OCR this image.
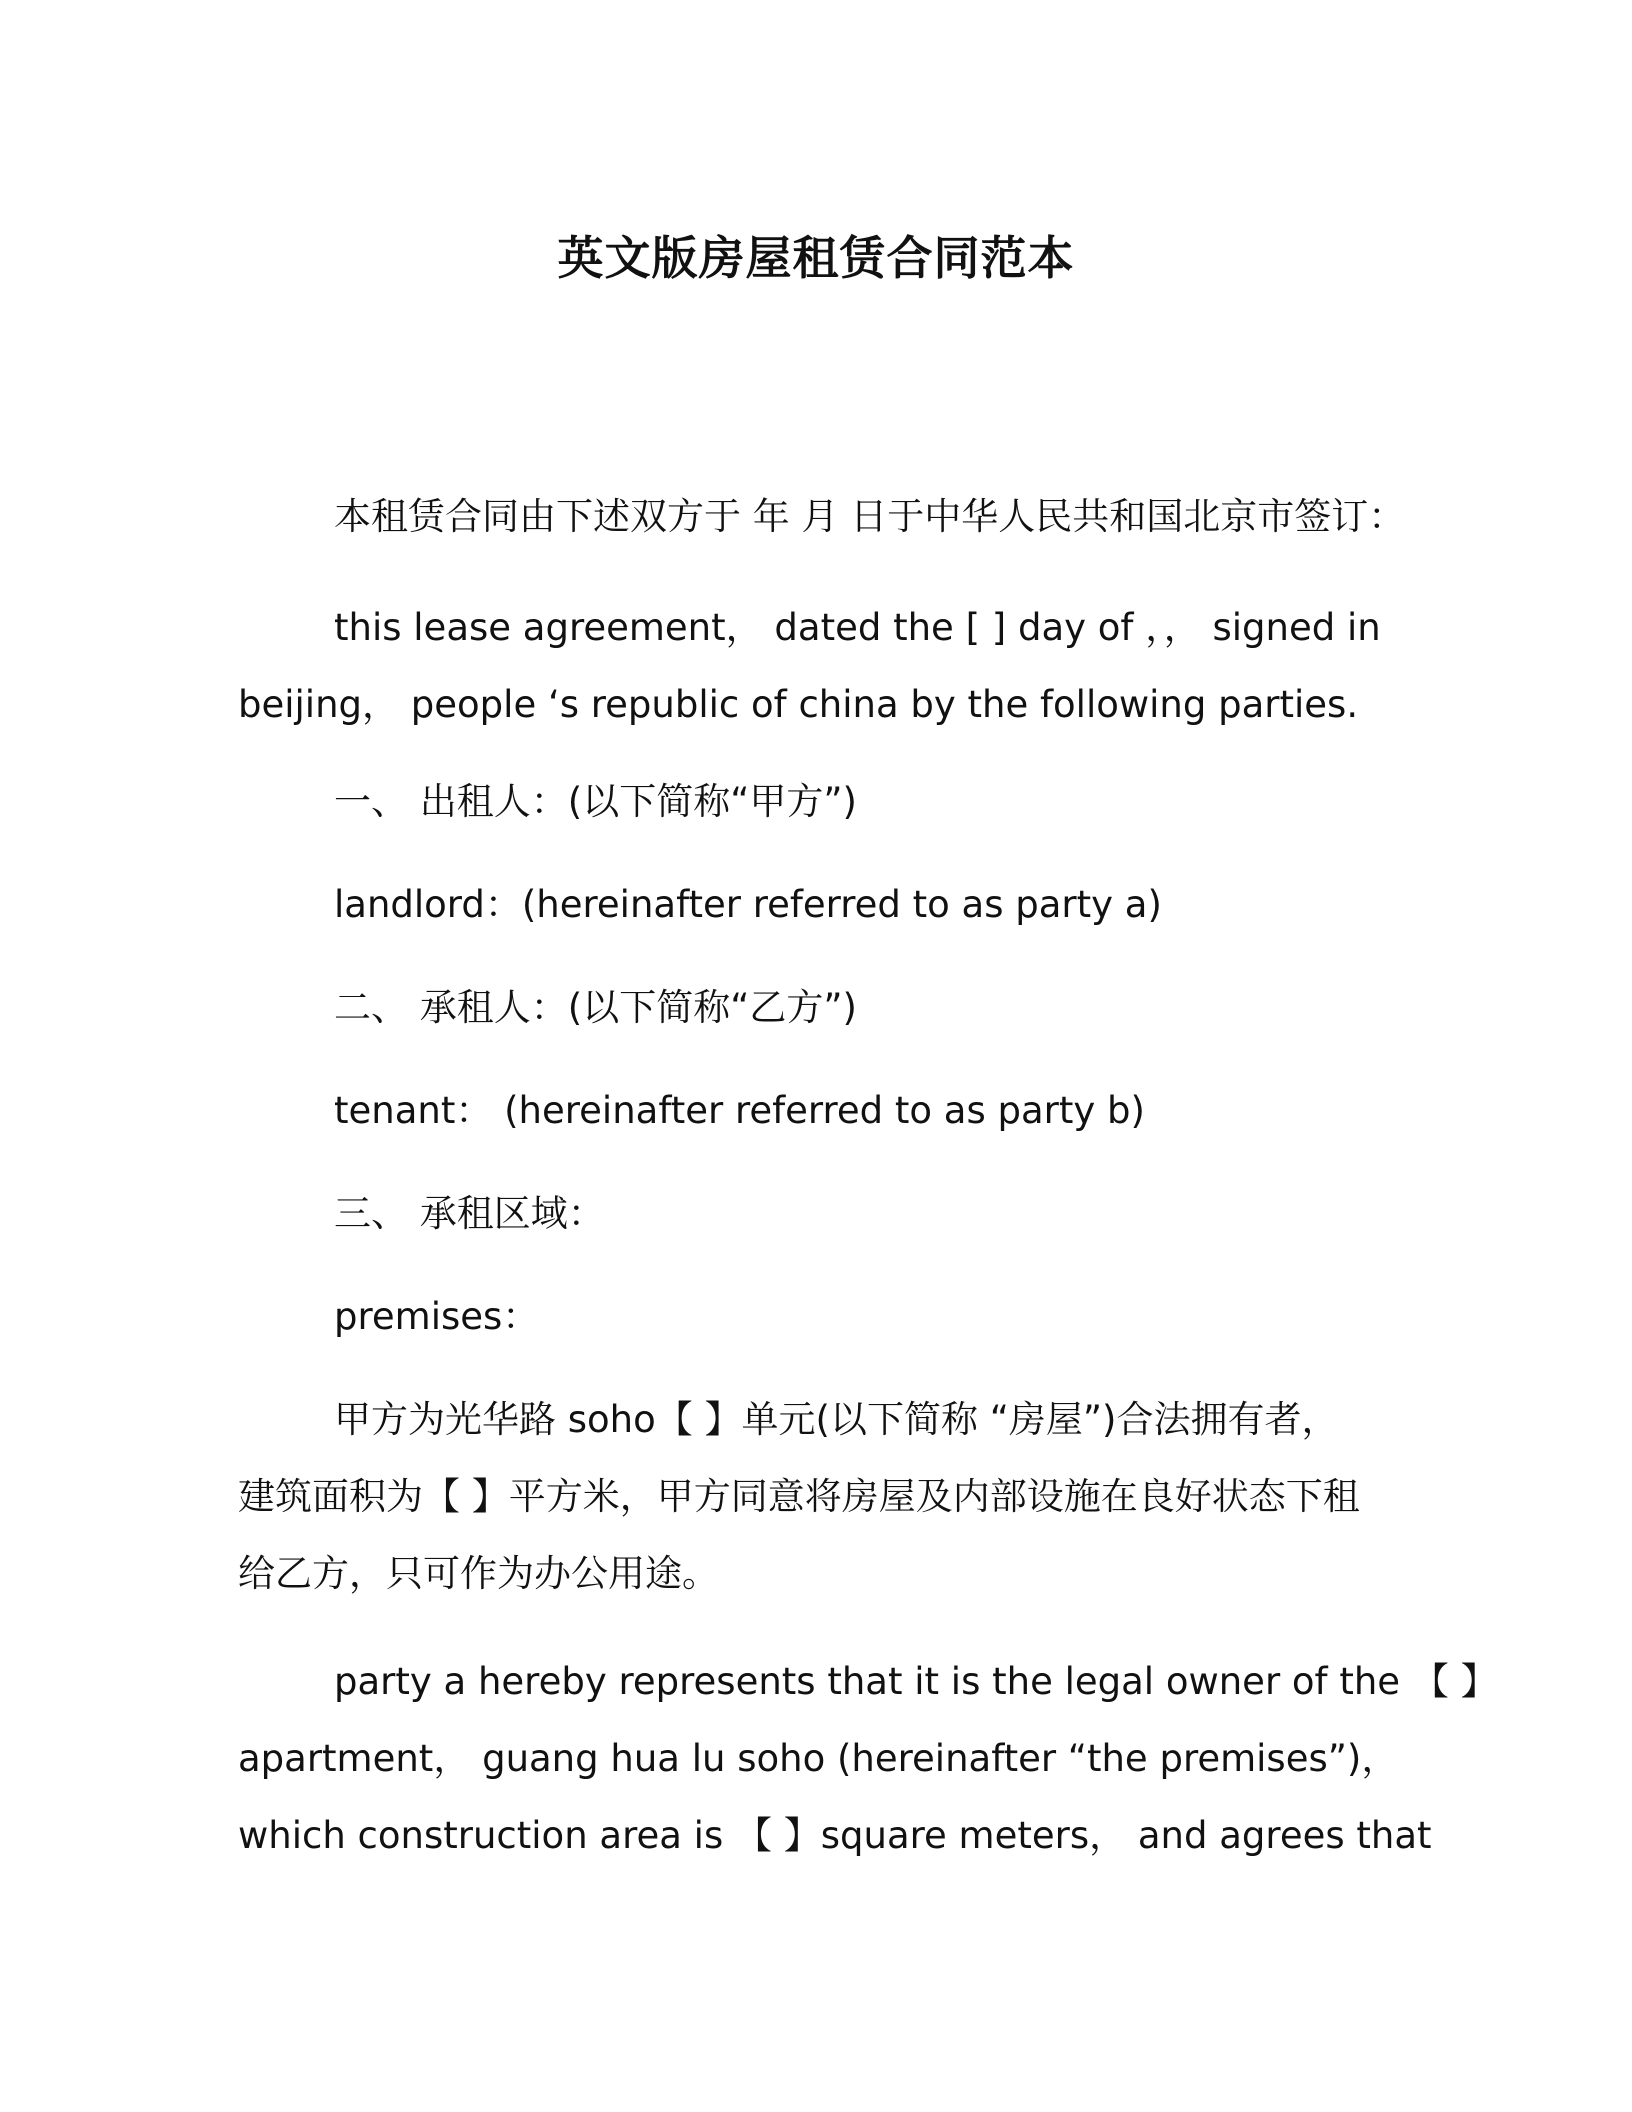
英文版房屋租赁合同范本
本租赁合同由下述双方于 年 月 日于中华人民共和国北京市签订：
this lease agreement， dated the [ ] day of ，， signed in
beijing， people ‘s republic of china by the following parties.
一、 出租人：(以下简称“甲方”)
landlord：(hereinafter referred to as party a)
二、 承租人：(以下简称“乙方”)
tenant： (hereinafter referred to as party b)
三、 承租区域：
premises：
甲方为光华路 soho【 】单元(以下简称 “房屋”)合法拥有者，
建筑面积为【 】平方米，甲方同意将房屋及内部设施在良好状态下租
给乙方，只可作为办公用途。
party a hereby represents that it is the legal owner of the 【 】
apartment， guang hua lu soho (hereinafter “the premises”)，
which construction area is 【 】square meters， and agrees that
